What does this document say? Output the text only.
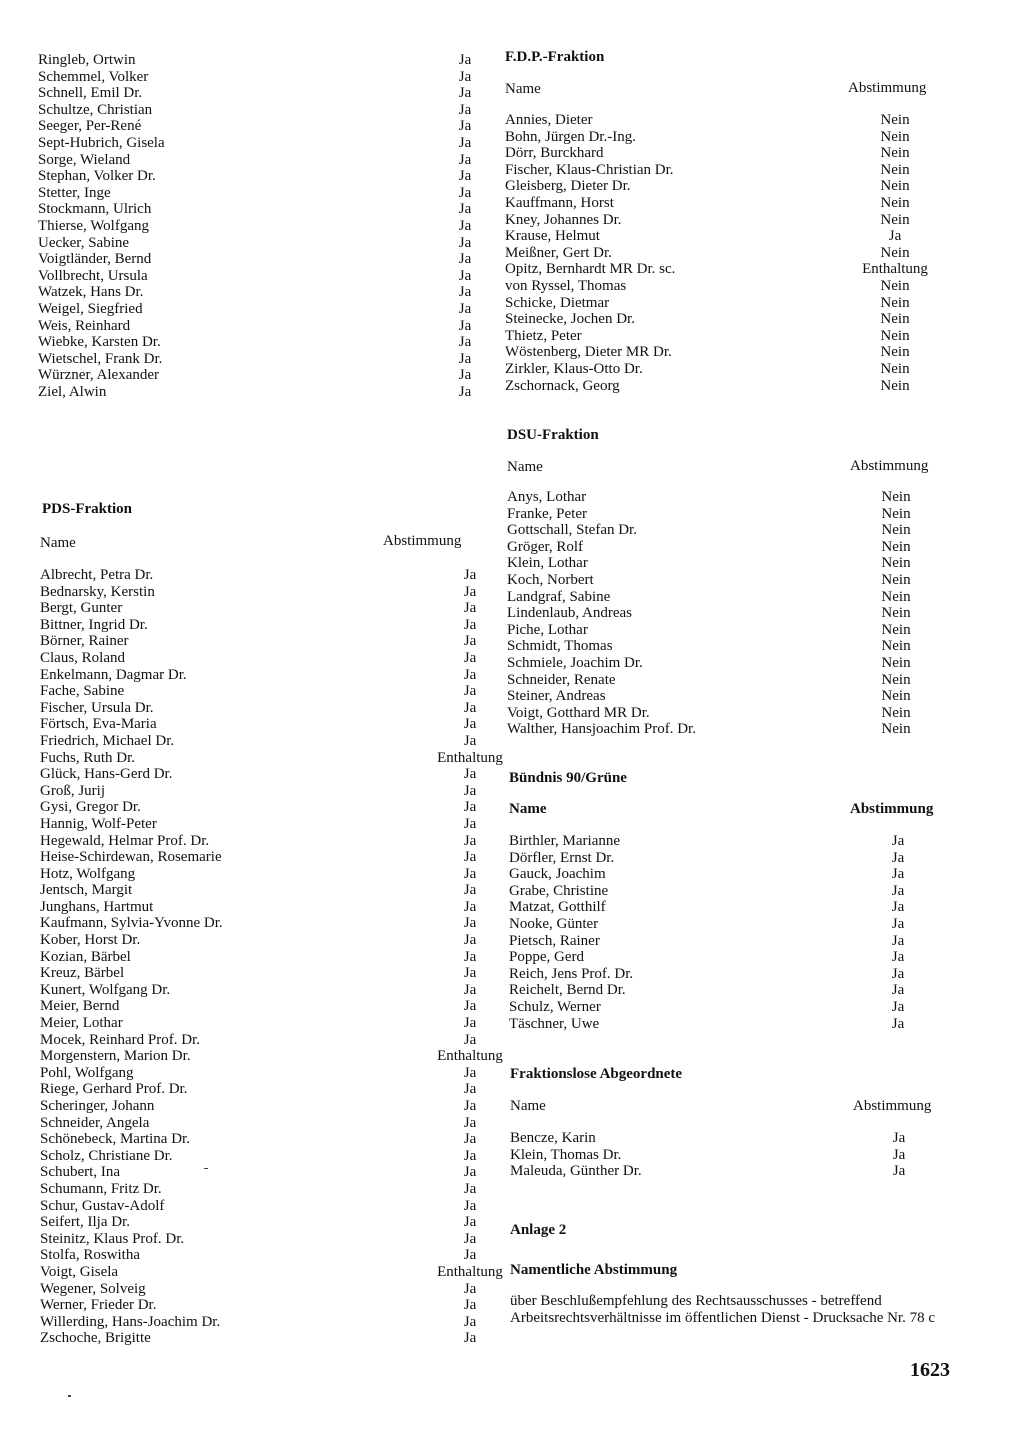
Ringleb, Ortwin	Ja
Schemmel, Volker	Ja
Schnell, Emil Dr.	Ja
Schultze, Christian	Ja
Seeger, Per-René	Ja
Sept-Hubrich, Gisela	Ja
Sorge, Wieland	Ja
Stephan, Volker Dr.	Ja
Stetter, Inge	Ja
Stockmann, Ulrich	Ja
Thierse, Wolfgang	Ja
Uecker, Sabine	Ja
Voigtländer, Bernd	Ja
Vollbrecht, Ursula	Ja
Watzek, Hans Dr.	Ja
Weigel, Siegfried	Ja
Weis, Reinhard	Ja
Wiebke, Karsten Dr.	Ja
Wietschel, Frank Dr.	Ja
Würzner, Alexander	Ja
Ziel, Alwin	Ja
PDS-Fraktion
Name	Abstimmung
Albrecht, Petra Dr.	Ja
Bednarsky, Kerstin	Ja
Bergt, Gunter	Ja
Bittner, Ingrid Dr.	Ja
Börner, Rainer	Ja
Claus, Roland	Ja
Enkelmann, Dagmar Dr.	Ja
Fache, Sabine	Ja
Fischer, Ursula Dr.	Ja
Förtsch, Eva-Maria	Ja
Friedrich, Michael Dr.	Ja
Fuchs, Ruth Dr.	Enthaltung
Glück, Hans-Gerd Dr.	Ja
Groß, Jurij	Ja
Gysi, Gregor Dr.	Ja
Hannig, Wolf-Peter	Ja
Hegewald, Helmar Prof. Dr.	Ja
Heise-Schirdewan, Rosemarie	Ja
Hotz, Wolfgang	Ja
Jentsch, Margit	Ja
Junghans, Hartmut	Ja
Kaufmann, Sylvia-Yvonne Dr.	Ja
Kober, Horst Dr.	Ja
Kozian, Bärbel	Ja
Kreuz, Bärbel	Ja
Kunert, Wolfgang Dr.	Ja
Meier, Bernd	Ja
Meier, Lothar	Ja
Mocek, Reinhard Prof. Dr.	Ja
Morgenstern, Marion Dr.	Enthaltung
Pohl, Wolfgang	Ja
Riege, Gerhard Prof. Dr.	Ja
Scheringer, Johann	Ja
Schneider, Angela	Ja
Schönebeck, Martina Dr.	Ja
Scholz, Christiane Dr.	Ja
Schubert, Ina	Ja
Schumann, Fritz Dr.	Ja
Schur, Gustav-Adolf	Ja
Seifert, Ilja Dr.	Ja
Steinitz, Klaus Prof. Dr.	Ja
Stolfa, Roswitha	Ja
Voigt, Gisela	Enthaltung
Wegener, Solveig	Ja
Werner, Frieder Dr.	Ja
Willerding, Hans-Joachim Dr.	Ja
Zschoche, Brigitte	Ja
F.D.P.-Fraktion
Name	Abstimmung
Annies, Dieter	Nein
Bohn, Jürgen Dr.-Ing.	Nein
Dörr, Burckhard	Nein
Fischer, Klaus-Christian Dr.	Nein
Gleisberg, Dieter Dr.	Nein
Kauffmann, Horst	Nein
Kney, Johannes Dr.	Nein
Krause, Helmut	Ja
Meißner, Gert Dr.	Nein
Opitz, Bernhardt MR Dr. sc.	Enthaltung
von Ryssel, Thomas	Nein
Schicke, Dietmar	Nein
Steinecke, Jochen Dr.	Nein
Thietz, Peter	Nein
Wöstenberg, Dieter MR Dr.	Nein
Zirkler, Klaus-Otto Dr.	Nein
Zschornack, Georg	Nein
DSU-Fraktion
Name	Abstimmung
Anys, Lothar	Nein
Franke, Peter	Nein
Gottschall, Stefan Dr.	Nein
Gröger, Rolf	Nein
Klein, Lothar	Nein
Koch, Norbert	Nein
Landgraf, Sabine	Nein
Lindenlaub, Andreas	Nein
Piche, Lothar	Nein
Schmidt, Thomas	Nein
Schmiele, Joachim Dr.	Nein
Schneider, Renate	Nein
Steiner, Andreas	Nein
Voigt, Gotthard MR Dr.	Nein
Walther, Hansjoachim Prof. Dr.	Nein
Bündnis 90/Grüne
Name	Abstimmung
Birthler, Marianne	Ja
Dörfler, Ernst Dr.	Ja
Gauck, Joachim	Ja
Grabe, Christine	Ja
Matzat, Gotthilf	Ja
Nooke, Günter	Ja
Pietsch, Rainer	Ja
Poppe, Gerd	Ja
Reich, Jens Prof. Dr.	Ja
Reichelt, Bernd Dr.	Ja
Schulz, Werner	Ja
Täschner, Uwe	Ja
Fraktionslose Abgeordnete
Name	Abstimmung
Bencze, Karin	Ja
Klein, Thomas Dr.	Ja
Maleuda, Günther Dr.	Ja
Anlage 2
Namentliche Abstimmung
über Beschlußempfehlung des Rechtsausschusses - betreffend Arbeitsrechtsverhältnisse im öffentlichen Dienst - Drucksache Nr. 78 c
1623
